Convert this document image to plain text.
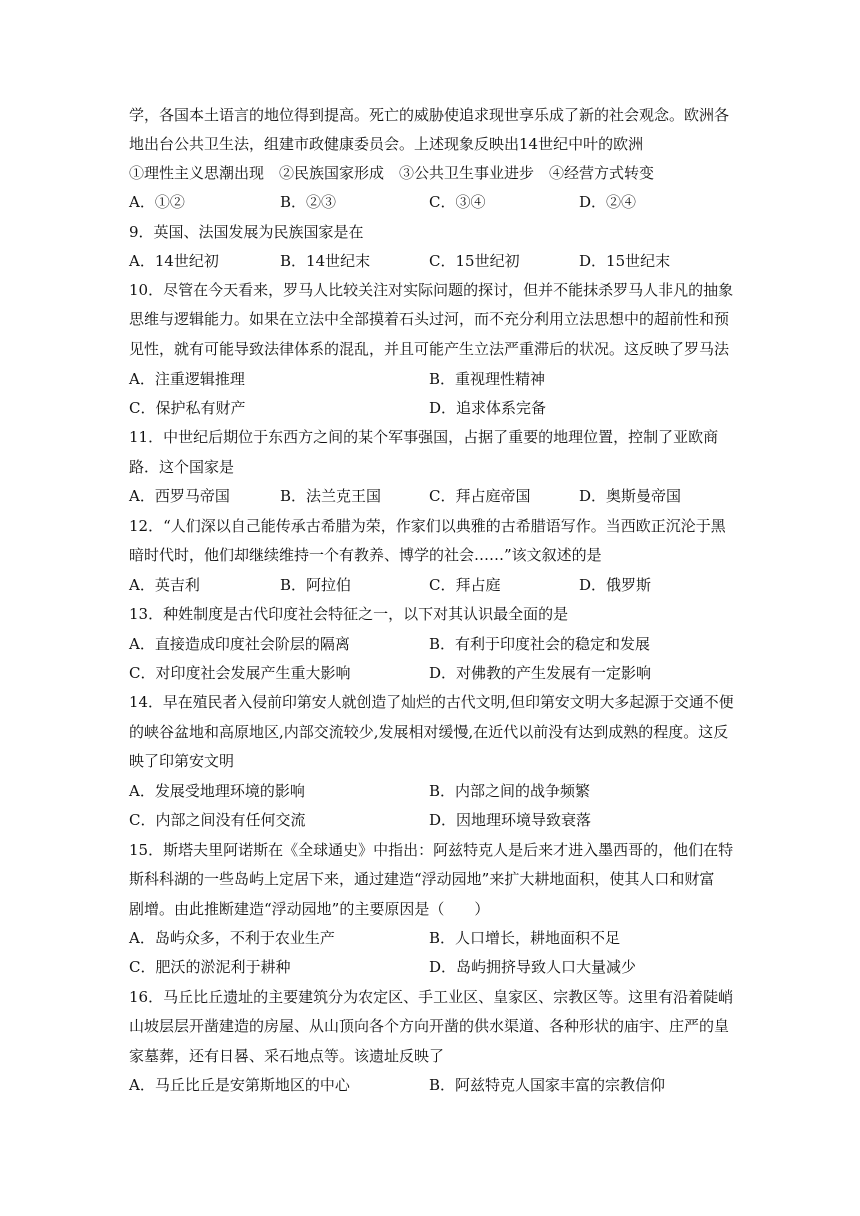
学，各国本土语言的地位得到提高。死亡的威胁使追求现世享乐成了新的社会观念。欧洲各
地出台公共卫生法，组建市政健康委员会。上述现象反映出14世纪中叶的欧洲
①理性主义思潮出现　②民族国家形成　③公共卫生事业进步　④经营方式转变
A．①②	B．②③	C．③④	D．②④
9．英国、法国发展为民族国家是在
A．14世纪初	B．14世纪末	C．15世纪初	D．15世纪末
10．尽管在今天看来，罗马人比较关注对实际问题的探讨，但并不能抹杀罗马人非凡的抽象
思维与逻辑能力。如果在立法中全部摸着石头过河，而不充分利用立法思想中的超前性和预
见性，就有可能导致法律体系的混乱，并且可能产生立法严重滞后的状况。这反映了罗马法
A．注重逻辑推理	B．重视理性精神
C．保护私有财产	D．追求体系完备
11．中世纪后期位于东西方之间的某个军事强国，占据了重要的地理位置，控制了亚欧商
路．这个国家是
A．西罗马帝国	B．法兰克王国	C．拜占庭帝国	D．奥斯曼帝国
12．“人们深以自己能传承古希腊为荣，作家们以典雅的古希腊语写作。当西欧正沉沦于黑
暗时代时，他们却继续维持一个有教养、博学的社会……”该文叙述的是
A．英吉利	B．阿拉伯	C．拜占庭	D．俄罗斯
13．种姓制度是古代印度社会特征之一，以下对其认识最全面的是
A．直接造成印度社会阶层的隔离	B．有利于印度社会的稳定和发展
C．对印度社会发展产生重大影响	D．对佛教的产生发展有一定影响
14．早在殖民者入侵前印第安人就创造了灿烂的古代文明,但印第安文明大多起源于交通不便
的峡谷盆地和高原地区,内部交流较少,发展相对缓慢,在近代以前没有达到成熟的程度。这反
映了印第安文明
A．发展受地理环境的影响	B．内部之间的战争频繁
C．内部之间没有任何交流	D．因地理环境导致衰落
15．斯塔夫里阿诺斯在《全球通史》中指出：阿兹特克人是后来才进入墨西哥的，他们在特
斯科科湖的一些岛屿上定居下来，通过建造“浮动园地”来扩大耕地面积，使其人口和财富
剧增。由此推断建造“浮动园地”的主要原因是（　　）
A．岛屿众多，不利于农业生产	B．人口增长，耕地面积不足
C．肥沃的淤泥利于耕种	D．岛屿拥挤导致人口大量减少
16．马丘比丘遗址的主要建筑分为农定区、手工业区、皇家区、宗教区等。这里有沿着陡峭
山坡层层开凿建造的房屋、从山顶向各个方向开凿的供水渠道、各种形状的庙宇、庄严的皇
家墓葬，还有日晷、采石地点等。该遗址反映了
A．马丘比丘是安第斯地区的中心	B．阿兹特克人国家丰富的宗教信仰
